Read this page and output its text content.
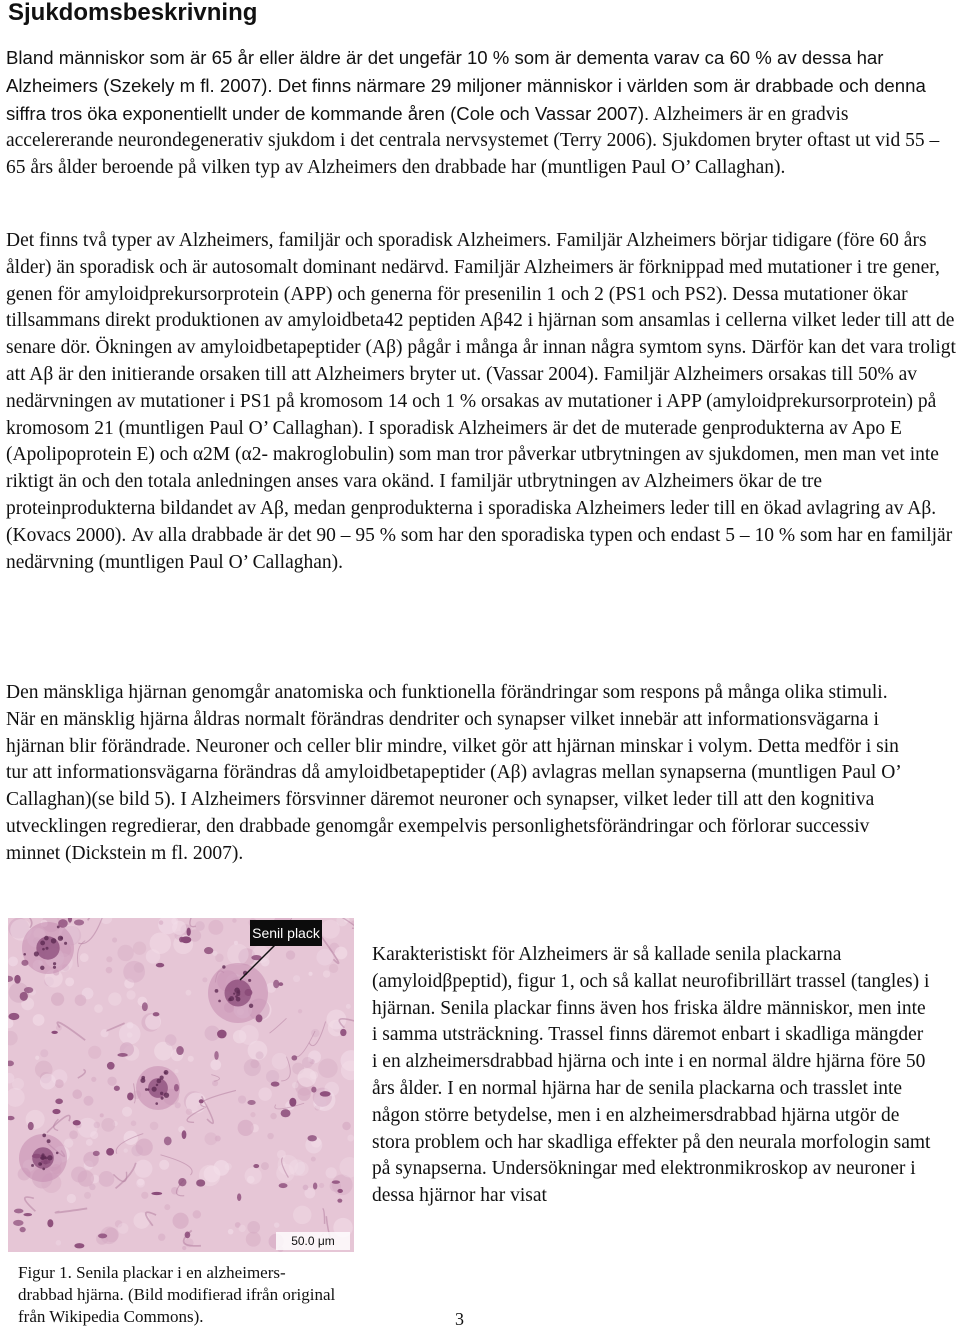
Sjukdomsbeskrivning

Bland människor som är 65 år eller äldre är det ungefär 10 % som är dementa varav ca 60 % av dessa har Alzheimers (Szekely m fl. 2007). Det finns närmare 29 miljoner människor i världen som är drabbade och denna siffra tros öka exponentiellt under de kommande åren (Cole och Vassar 2007). Alzheimers är en gradvis accelererande neurondegenerativ sjukdom i det centrala nervsystemet (Terry 2006). Sjukdomen bryter oftast ut vid 55 – 65 års ålder beroende på vilken typ av Alzheimers den drabbade har (muntligen Paul O’ Callaghan).

Det finns två typer av Alzheimers, familjär och sporadisk Alzheimers. Familjär Alzheimers börjar tidigare (före 60 års ålder) än sporadisk och är autosomalt dominant nedärvd. Familjär Alzheimers är förknippad med mutationer i tre gener, genen för amyloidprekursorprotein (APP) och generna för presenilin 1 och 2 (PS1 och PS2). Dessa mutationer ökar tillsammans direkt produktionen av amyloidbeta42 peptiden Aβ42 i hjärnan som ansamlas i cellerna vilket leder till att de senare dör. Ökningen av amyloidbetapeptider (Aβ) pågår i många år innan några symtom syns. Därför kan det vara troligt att Aβ är den initierande orsaken till att Alzheimers bryter ut. (Vassar 2004). Familjär Alzheimers orsakas till 50% av nedärvningen av mutationer i PS1 på kromosom 14 och 1 % orsakas av mutationer i APP (amyloidprekursorprotein) på kromosom 21 (muntligen Paul O’ Callaghan). I sporadisk Alzheimers är det de muterade genprodukterna av Apo E (Apolipoprotein E) och α2M (α2- makroglobulin) som man tror påverkar utbrytningen av sjukdomen, men man vet inte riktigt än och den totala anledningen anses vara okänd. I familjär utbrytningen av Alzheimers ökar de tre proteinprodukterna bildandet av Aβ, medan genprodukterna i sporadiska Alzheimers leder till en ökad avlagring av Aβ. (Kovacs 2000). Av alla drabbade är det 90 – 95 % som har den sporadiska typen och endast 5 – 10 % som har en familjär nedärvning (muntligen Paul O’ Callaghan).

Den mänskliga hjärnan genomgår anatomiska och funktionella förändringar som respons på många olika stimuli. När en mänsklig hjärna åldras normalt förändras dendriter och synapser vilket innebär att informationsvägarna i hjärnan blir förändrade. Neuroner och celler blir mindre, vilket gör att hjärnan minskar i volym. Detta medför i sin tur att informationsvägarna förändras då amyloidbetapeptider (Aβ) avlagras mellan synapserna (muntligen Paul O’ Callaghan)(se bild 5). I Alzheimers försvinner däremot neuroner och synapser, vilket leder till att den kognitiva utvecklingen regredierar, den drabbade genomgår exempelvis personlighetsförändringar och förlorar successiv minnet (Dickstein m fl. 2007).

Senil plack
50.0 μm

Figur 1. Senila plackar i en alzheimers- drabbad hjärna. (Bild modifierad ifrån original från Wikipedia Commons).

Karakteristiskt för Alzheimers är så kallade senila plackarna (amyloidβpeptid), figur 1, och så kallat neurofibrillärt trassel (tangles) i hjärnan. Senila plackar finns även hos friska äldre människor, men inte i samma utsträckning. Trassel finns däremot enbart i skadliga mängder i en alzheimersdrabbad hjärna och inte i en normal äldre hjärna före 50 års ålder. I en normal hjärna har de senila plackarna och trasslet inte någon större betydelse, men i en alzheimersdrabbad hjärna utgör de stora problem och har skadliga effekter på den neurala morfologin samt på synapserna. Undersökningar med elektronmikroskop av neuroner i dessa hjärnor har visat

3
